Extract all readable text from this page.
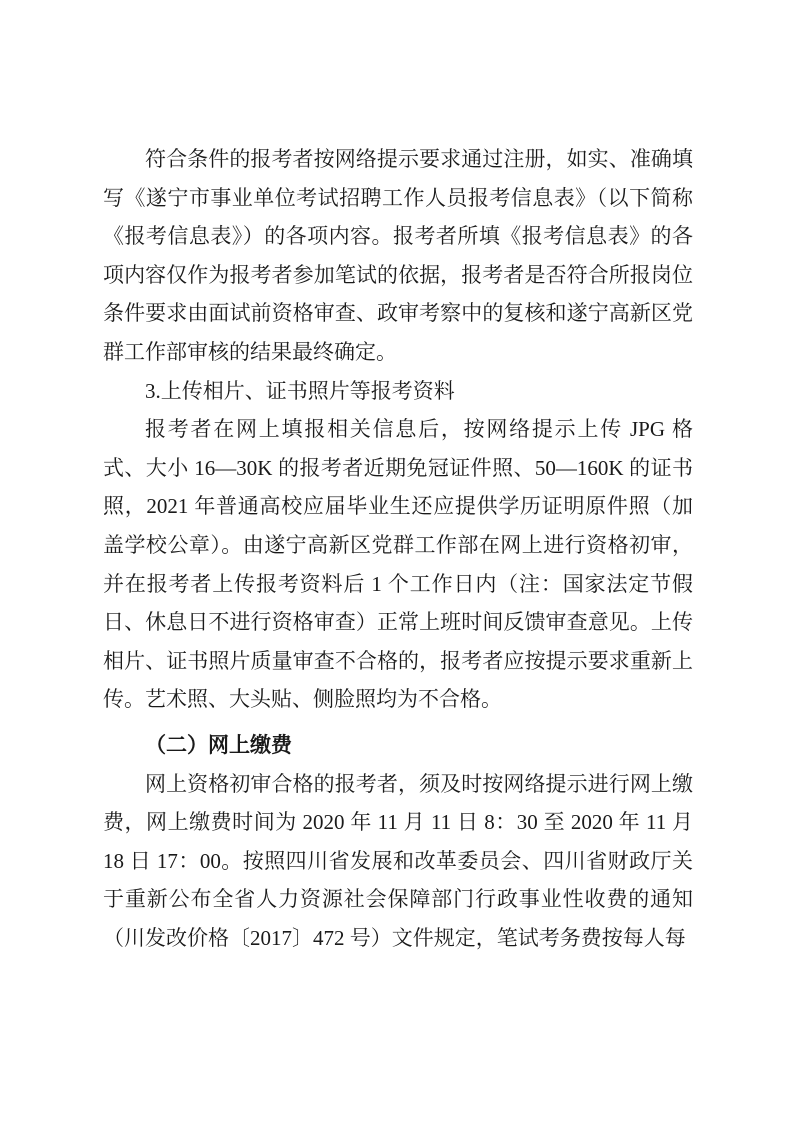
符合条件的报考者按网络提示要求通过注册，如实、准确填写《遂宁市事业单位考试招聘工作人员报考信息表》（以下简称《报考信息表》）的各项内容。报考者所填《报考信息表》的各项内容仅作为报考者参加笔试的依据，报考者是否符合所报岗位条件要求由面试前资格审查、政审考察中的复核和遂宁高新区党群工作部审核的结果最终确定。

3.上传相片、证书照片等报考资料

报考者在网上填报相关信息后，按网络提示上传 JPG 格式、大小 16—30K 的报考者近期免冠证件照、50—160K 的证书照，2021 年普通高校应届毕业生还应提供学历证明原件照（加盖学校公章）。由遂宁高新区党群工作部在网上进行资格初审，并在报考者上传报考资料后 1 个工作日内（注：国家法定节假日、休息日不进行资格审查）正常上班时间反馈审查意见。上传相片、证书照片质量审查不合格的，报考者应按提示要求重新上传。艺术照、大头贴、侧脸照均为不合格。

（二）网上缴费

网上资格初审合格的报考者，须及时按网络提示进行网上缴费，网上缴费时间为 2020 年 11 月 11 日 8：30 至 2020 年 11 月 18 日 17：00。按照四川省发展和改革委员会、四川省财政厅关于重新公布全省人力资源社会保障部门行政事业性收费的通知（川发改价格〔2017〕472 号）文件规定，笔试考务费按每人每
